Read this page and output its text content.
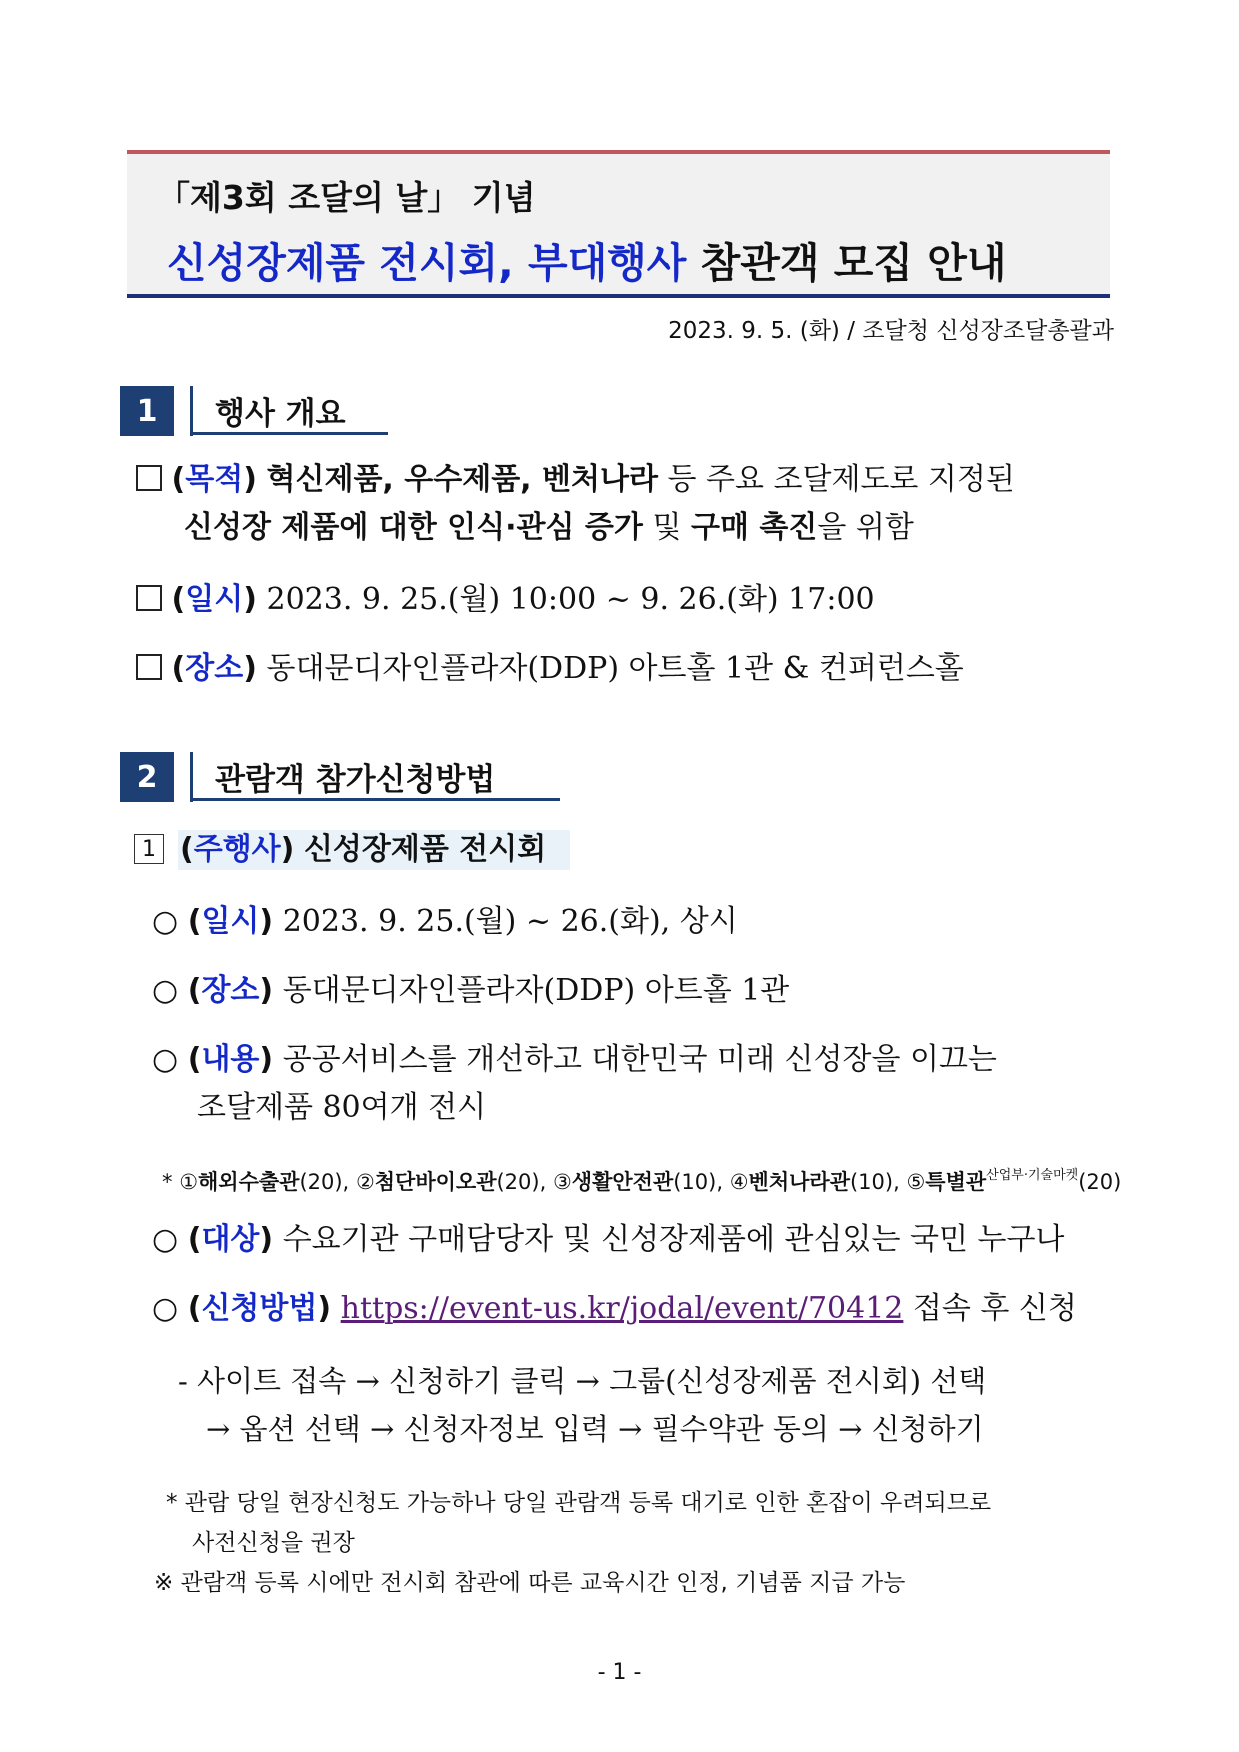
「제3회 조달의 날」 기념
신성장제품 전시회, 부대행사 참관객 모집 안내
2023. 9. 5. (화) / 조달청 신성장조달총괄과
1	행사 개요
(목적) 혁신제품, 우수제품, 벤처나라 등 주요 조달제도로 지정된
신성장 제품에 대한 인식·관심 증가 및 구매 촉진을 위함
(일시) 2023. 9. 25.(월) 10:00 ~ 9. 26.(화) 17:00
(장소) 동대문디자인플라자(DDP) 아트홀 1관 & 컨퍼런스홀
2	관람객 참가신청방법
1 (주행사) 신성장제품 전시회
○ (일시) 2023. 9. 25.(월) ~ 26.(화), 상시
○ (장소) 동대문디자인플라자(DDP) 아트홀 1관
○ (내용) 공공서비스를 개선하고 대한민국 미래 신성장을 이끄는
조달제품 80여개 전시
* ①해외수출관(20), ②첨단바이오관(20), ③생활안전관(10), ④벤처나라관(10), ⑤특별관$^{산업부\cdot 기술마켓}$(20)
○ (대상) 수요기관 구매담당자 및 신성장제품에 관심있는 국민 누구나
○ (신청방법) https://event-us.kr/jodal/event/70412 접속 후 신청
- 사이트 접속 → 신청하기 클릭 → 그룹(신성장제품 전시회) 선택
→ 옵션 선택 → 신청자정보 입력 → 필수약관 동의 → 신청하기
* 관람 당일 현장신청도 가능하나 당일 관람객 등록 대기로 인한 혼잡이 우려되므로
사전신청을 권장
※ 관람객 등록 시에만 전시회 참관에 따른 교육시간 인정, 기념품 지급 가능
- 1 -
